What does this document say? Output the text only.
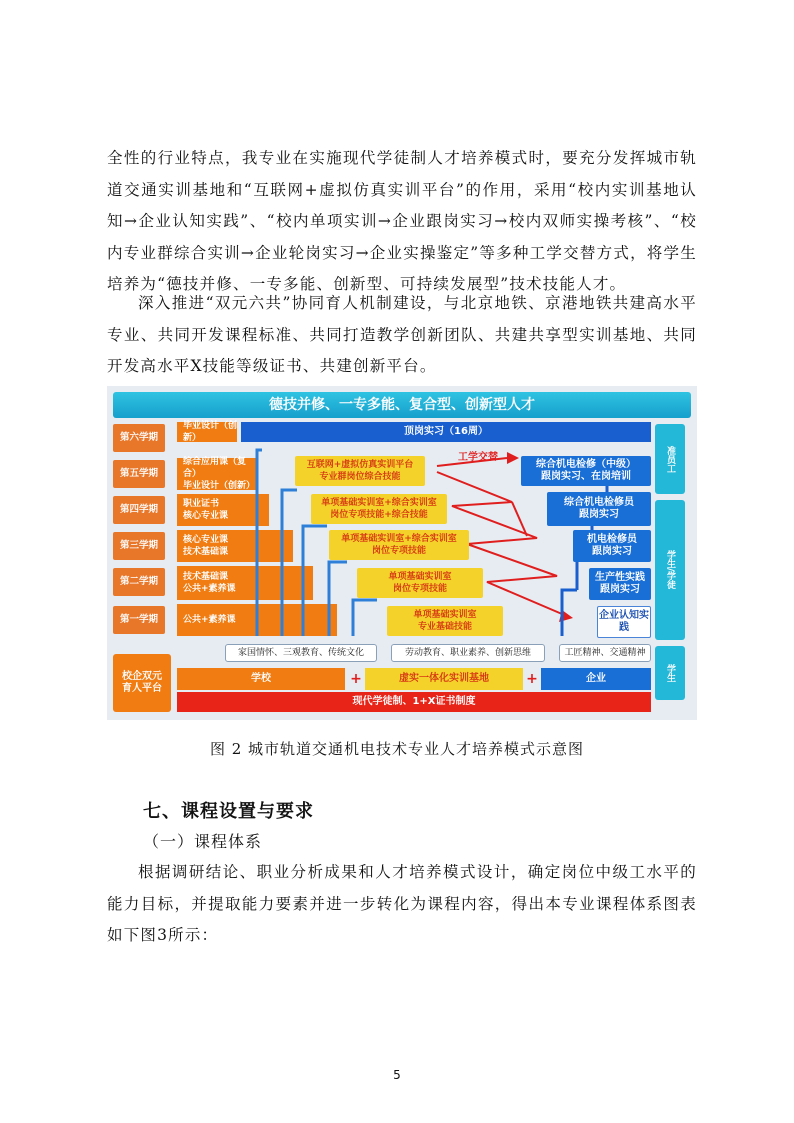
全性的行业特点，我专业在实施现代学徒制人才培养模式时，要充分发挥城市轨道交通实训基地和“互联网+虚拟仿真实训平台”的作用，采用“校内实训基地认知→企业认知实践”、“校内单项实训→企业跟岗实习→校内双师实操考核”、“校内专业群综合实训→企业轮岗实习→企业实操鉴定”等多种工学交替方式，将学生培养为“德技并修、一专多能、创新型、可持续发展型”技术技能人才。

深入推进“双元六共”协同育人机制建设，与北京地铁、京港地铁共建高水平专业、共同开发课程标准、共同打造教学创新团队、共建共享型实训基地、共同开发高水平X技能等级证书、共建创新平台。

德技并修、一专多能、复合型、创新型人才
第六学期
第五学期
第四学期
第三学期
第二学期
第一学期
毕业设计（创新）
综合应用课（复合）
毕业设计（创新）
职业证书
核心专业课
核心专业课
技术基础课
技术基础课
公共+素养课
公共+素养课
顶岗实习（16周）
工学交替
互联网+虚拟仿真实训平台
专业群岗位综合技能
单项基础实训室+综合实训室
岗位专项技能+综合技能
单项基础实训室+综合实训室
岗位专项技能
单项基础实训室
岗位专项技能
单项基础实训室
专业基础技能
综合机电检修（中级）
跟岗实习、在岗培训
综合机电检修员
跟岗实习
机电检修员
跟岗实习
生产性实践
跟岗实习
企业认知实
践
准员工
学生/学徒
学生
家国情怀、三观教育、传统文化	劳动教育、职业素养、创新思维	工匠精神、交通精神
校企双元
育人平台
学校	+	虚实一体化实训基地	+	企业
现代学徒制、1+X证书制度
图 2 城市轨道交通机电技术专业人才培养模式示意图
七、课程设置与要求
（一）课程体系

根据调研结论、职业分析成果和人才培养模式设计，确定岗位中级工水平的能力目标，并提取能力要素并进一步转化为课程内容，得出本专业课程体系图表如下图3所示：

5
